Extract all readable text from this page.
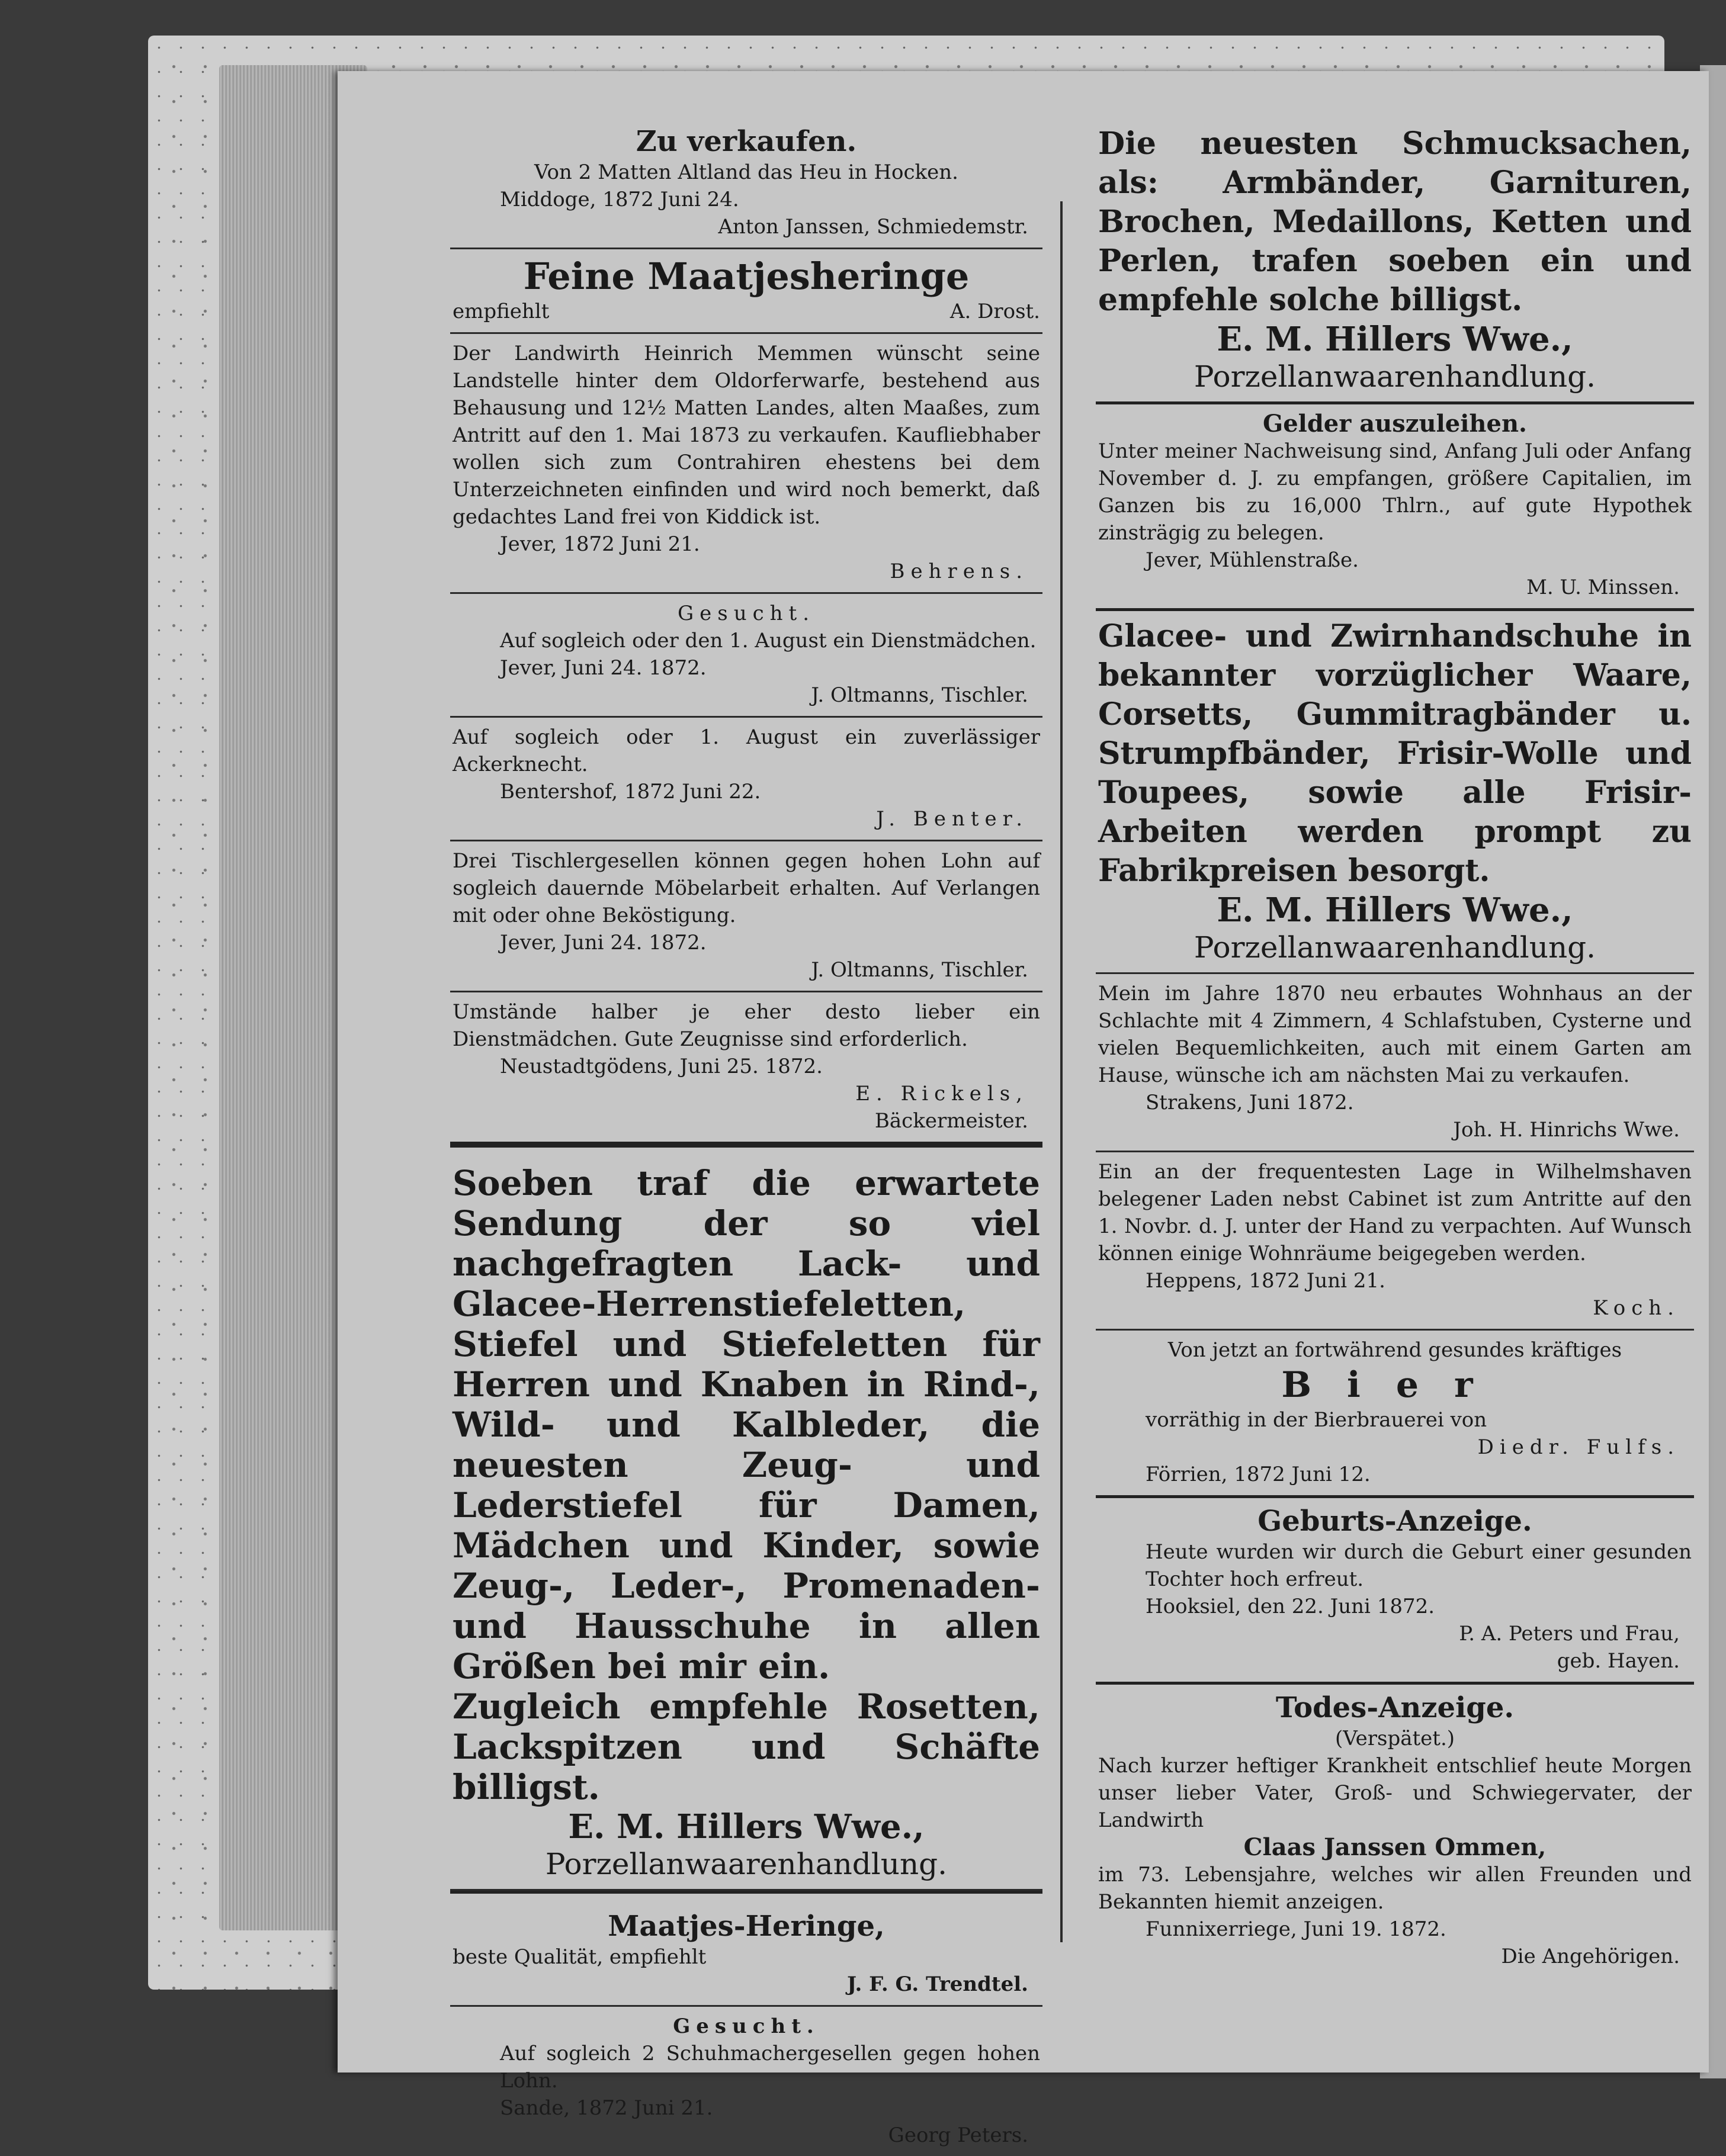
Zu verkaufen.
Von 2 Matten Altland das Heu in Hocken.
Middoge, 1872 Juni 24.
Anton Janssen, Schmiedemstr.
Feine Maatjesheringe
empfiehlt	A. Drost.
Der Landwirth Heinrich Memmen wünscht seine Landstelle hinter dem Oldorferwarfe, bestehend aus Behausung und 12½ Matten Landes, alten Maaßes, zum Antritt auf den 1. Mai 1873 zu verkaufen. Kaufliebhaber wollen sich zum Contrahiren ehestens bei dem Unterzeichneten einfinden und wird noch bemerkt, daß gedachtes Land frei von Kiddick ist.
Jever, 1872 Juni 21.
Behrens.
Gesucht.
Auf sogleich oder den 1. August ein Dienstmädchen.
Jever, Juni 24. 1872.
J. Oltmanns, Tischler.
Auf sogleich oder 1. August ein zuverlässiger Ackerknecht.
Bentershof, 1872 Juni 22.
J. Benter.
Drei Tischlergesellen können gegen hohen Lohn auf sogleich dauernde Möbelarbeit erhalten. Auf Verlangen mit oder ohne Beköstigung.
Jever, Juni 24. 1872.
J. Oltmanns, Tischler.
Umstände halber je eher desto lieber ein Dienstmädchen. Gute Zeugnisse sind erforderlich.
Neustadtgödens, Juni 25. 1872.
E. Rickels,
Bäckermeister.
Soeben traf die erwartete Sendung der so viel nachgefragten Lack- und Glacee-Herrenstiefeletten, Stiefel und Stiefeletten für Herren und Knaben in Rind-, Wild- und Kalbleder, die neuesten Zeug- und Lederstiefel für Damen, Mädchen und Kinder, sowie Zeug-, Leder-, Promenaden- und Hausschuhe in allen Größen bei mir ein.
Zugleich empfehle Rosetten, Lackspitzen und Schäfte billigst.
E. M. Hillers Wwe.,
Porzellanwaarenhandlung.
Maatjes-Heringe,
beste Qualität, empfiehlt
J. F. G. Trendtel.
Gesucht.
Auf sogleich 2 Schuhmachergesellen gegen hohen Lohn.
Sande, 1872 Juni 21.
Georg Peters.
Die neuesten Schmucksachen, als: Armbänder, Garnituren, Brochen, Medaillons, Ketten und Perlen, trafen soeben ein und empfehle solche billigst.
E. M. Hillers Wwe.,
Porzellanwaarenhandlung.
Gelder auszuleihen.
Unter meiner Nachweisung sind, Anfang Juli oder Anfang November d. J. zu empfangen, größere Capitalien, im Ganzen bis zu 16,000 Thlrn., auf gute Hypothek zinsträgig zu belegen.
Jever, Mühlenstraße.
M. U. Minssen.
Glacee- und Zwirnhandschuhe in bekannter vorzüglicher Waare, Corsetts, Gummitragbänder u. Strumpfbänder, Frisir-Wolle und Toupees, sowie alle Frisir-Arbeiten werden prompt zu Fabrikpreisen besorgt.
E. M. Hillers Wwe.,
Porzellanwaarenhandlung.
Mein im Jahre 1870 neu erbautes Wohnhaus an der Schlachte mit 4 Zimmern, 4 Schlafstuben, Cysterne und vielen Bequemlichkeiten, auch mit einem Garten am Hause, wünsche ich am nächsten Mai zu verkaufen.
Strakens, Juni 1872.
Joh. H. Hinrichs Wwe.
Ein an der frequentesten Lage in Wilhelmshaven belegener Laden nebst Cabinet ist zum Antritte auf den 1. Novbr. d. J. unter der Hand zu verpachten. Auf Wunsch können einige Wohnräume beigegeben werden.
Heppens, 1872 Juni 21.
Koch.
Von jetzt an fortwährend gesundes kräftiges
Bier
vorräthig in der Bierbrauerei von
Diedr. Fulfs.
Förrien, 1872 Juni 12.
Geburts-Anzeige.
Heute wurden wir durch die Geburt einer gesunden Tochter hoch erfreut.
Hooksiel, den 22. Juni 1872.
P. A. Peters und Frau,
geb. Hayen.
Todes-Anzeige.
(Verspätet.)
Nach kurzer heftiger Krankheit entschlief heute Morgen unser lieber Vater, Groß- und Schwiegervater, der Landwirth
Claas Janssen Ommen,
im 73. Lebensjahre, welches wir allen Freunden und Bekannten hiemit anzeigen.
Funnixerriege, Juni 19. 1872.
Die Angehörigen.
